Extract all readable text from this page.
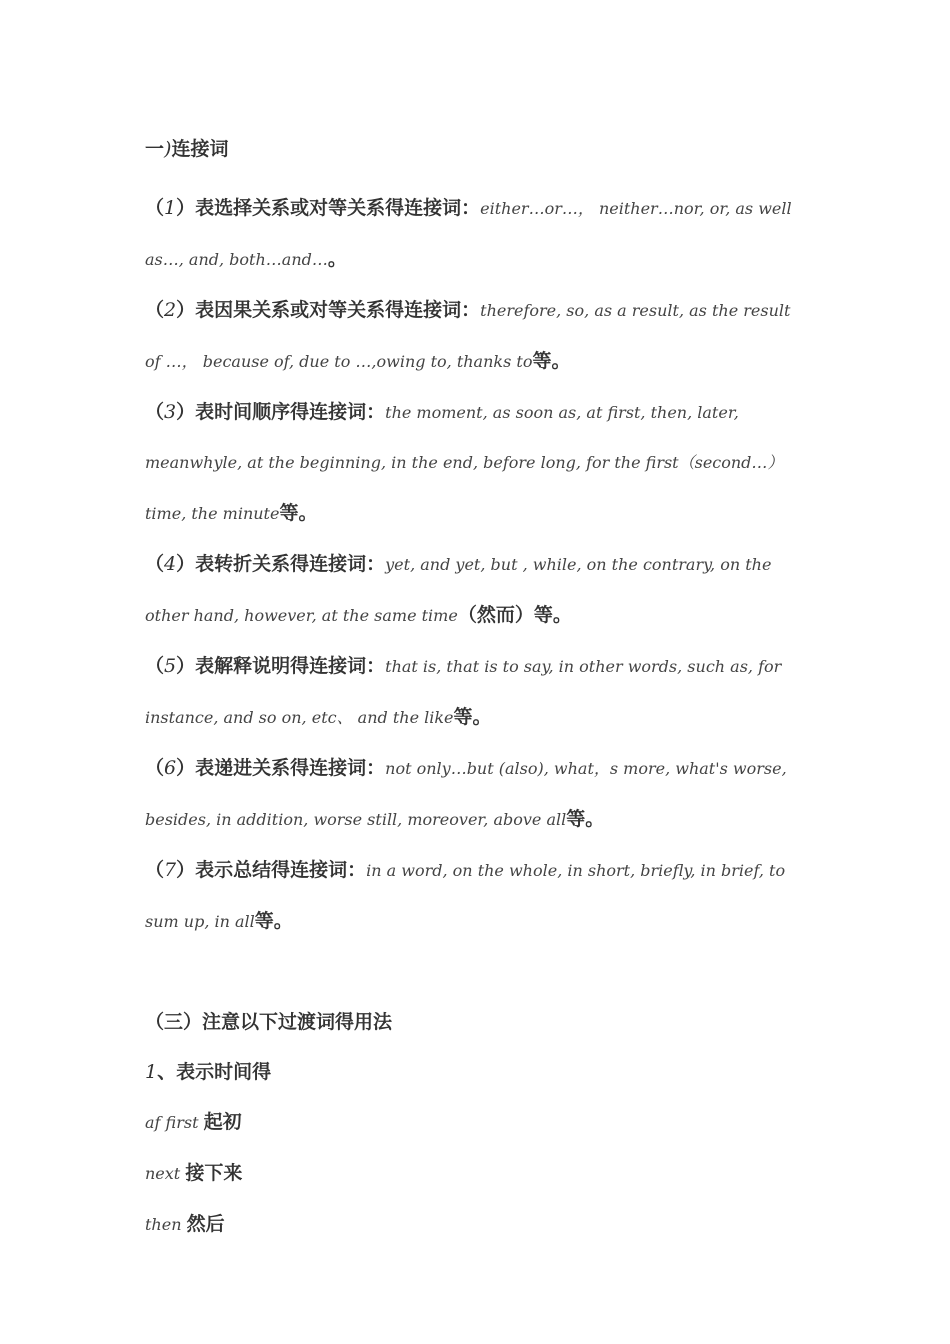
一)连接词

（1）表选择关系或对等关系得连接词：either…or…， neither…nor, or, as well as…, and, both…and…。

（2）表因果关系或对等关系得连接词：therefore, so, as a result, as the result of …， because of, due to …,owing to, thanks to等。

（3）表时间顺序得连接词：the moment, as soon as, at first, then, later, meanwhyle, at the beginning, in the end, before long, for the first（second…） time, the minute等。

（4）表转折关系得连接词：yet, and yet, but , while, on the contrary, on the other hand, however, at the same time（然而）等。

（5）表解释说明得连接词：that is, that is to say, in other words, such as, for instance, and so on, etc、 and the like等。

（6）表递进关系得连接词：not only…but (also), what，s more, what's worse, besides, in addition, worse still, moreover, above all等。

（7）表示总结得连接词：in a word, on the whole, in short, briefly, in brief, to sum up, in all等。

（三）注意以下过渡词得用法

1、表示时间得

af first 起初

next 接下来

then 然后
